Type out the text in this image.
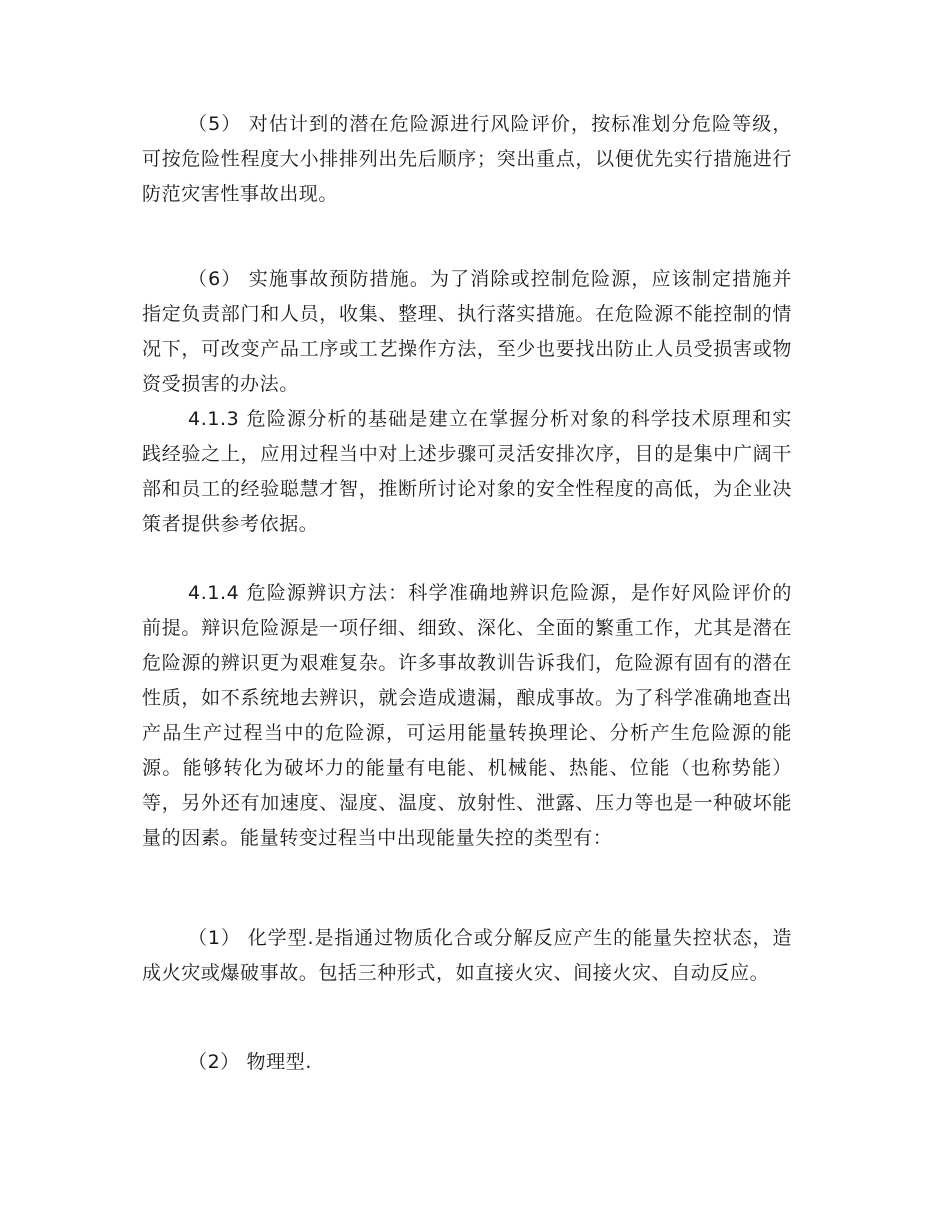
（5） 对估计到的潜在危险源进行风险评价，按标准划分危险等级，可按危险性程度大小排排列出先后顺序；突出重点，以便优先实行措施进行防范灾害性事故出现。

（6） 实施事故预防措施。为了消除或控制危险源，应该制定措施并指定负责部门和人员，收集、整理、执行落实措施。在危险源不能控制的情况下，可改变产品工序或工艺操作方法，至少也要找出防止人员受损害或物资受损害的办法。

4.1.3 危险源分析的基础是建立在掌握分析对象的科学技术原理和实践经验之上，应用过程当中对上述步骤可灵活安排次序，目的是集中广阔干部和员工的经验聪慧才智，推断所讨论对象的安全性程度的高低，为企业决策者提供参考依据。

4.1.4 危险源辨识方法：科学准确地辨识危险源，是作好风险评价的前提。辩识危险源是一项仔细、细致、深化、全面的繁重工作，尤其是潜在危险源的辨识更为艰难复杂。许多事故教训告诉我们，危险源有固有的潜在性质，如不系统地去辨识，就会造成遗漏，酿成事故。为了科学准确地查出产品生产过程当中的危险源，可运用能量转换理论、分析产生危险源的能源。能够转化为破坏力的能量有电能、机械能、热能、位能（也称势能）等，另外还有加速度、湿度、温度、放射性、泄露、压力等也是一种破坏能量的因素。能量转变过程当中出现能量失控的类型有：

（1） 化学型.是指通过物质化合或分解反应产生的能量失控状态，造成火灾或爆破事故。包括三种形式，如直接火灾、间接火灾、自动反应。

（2） 物理型.
